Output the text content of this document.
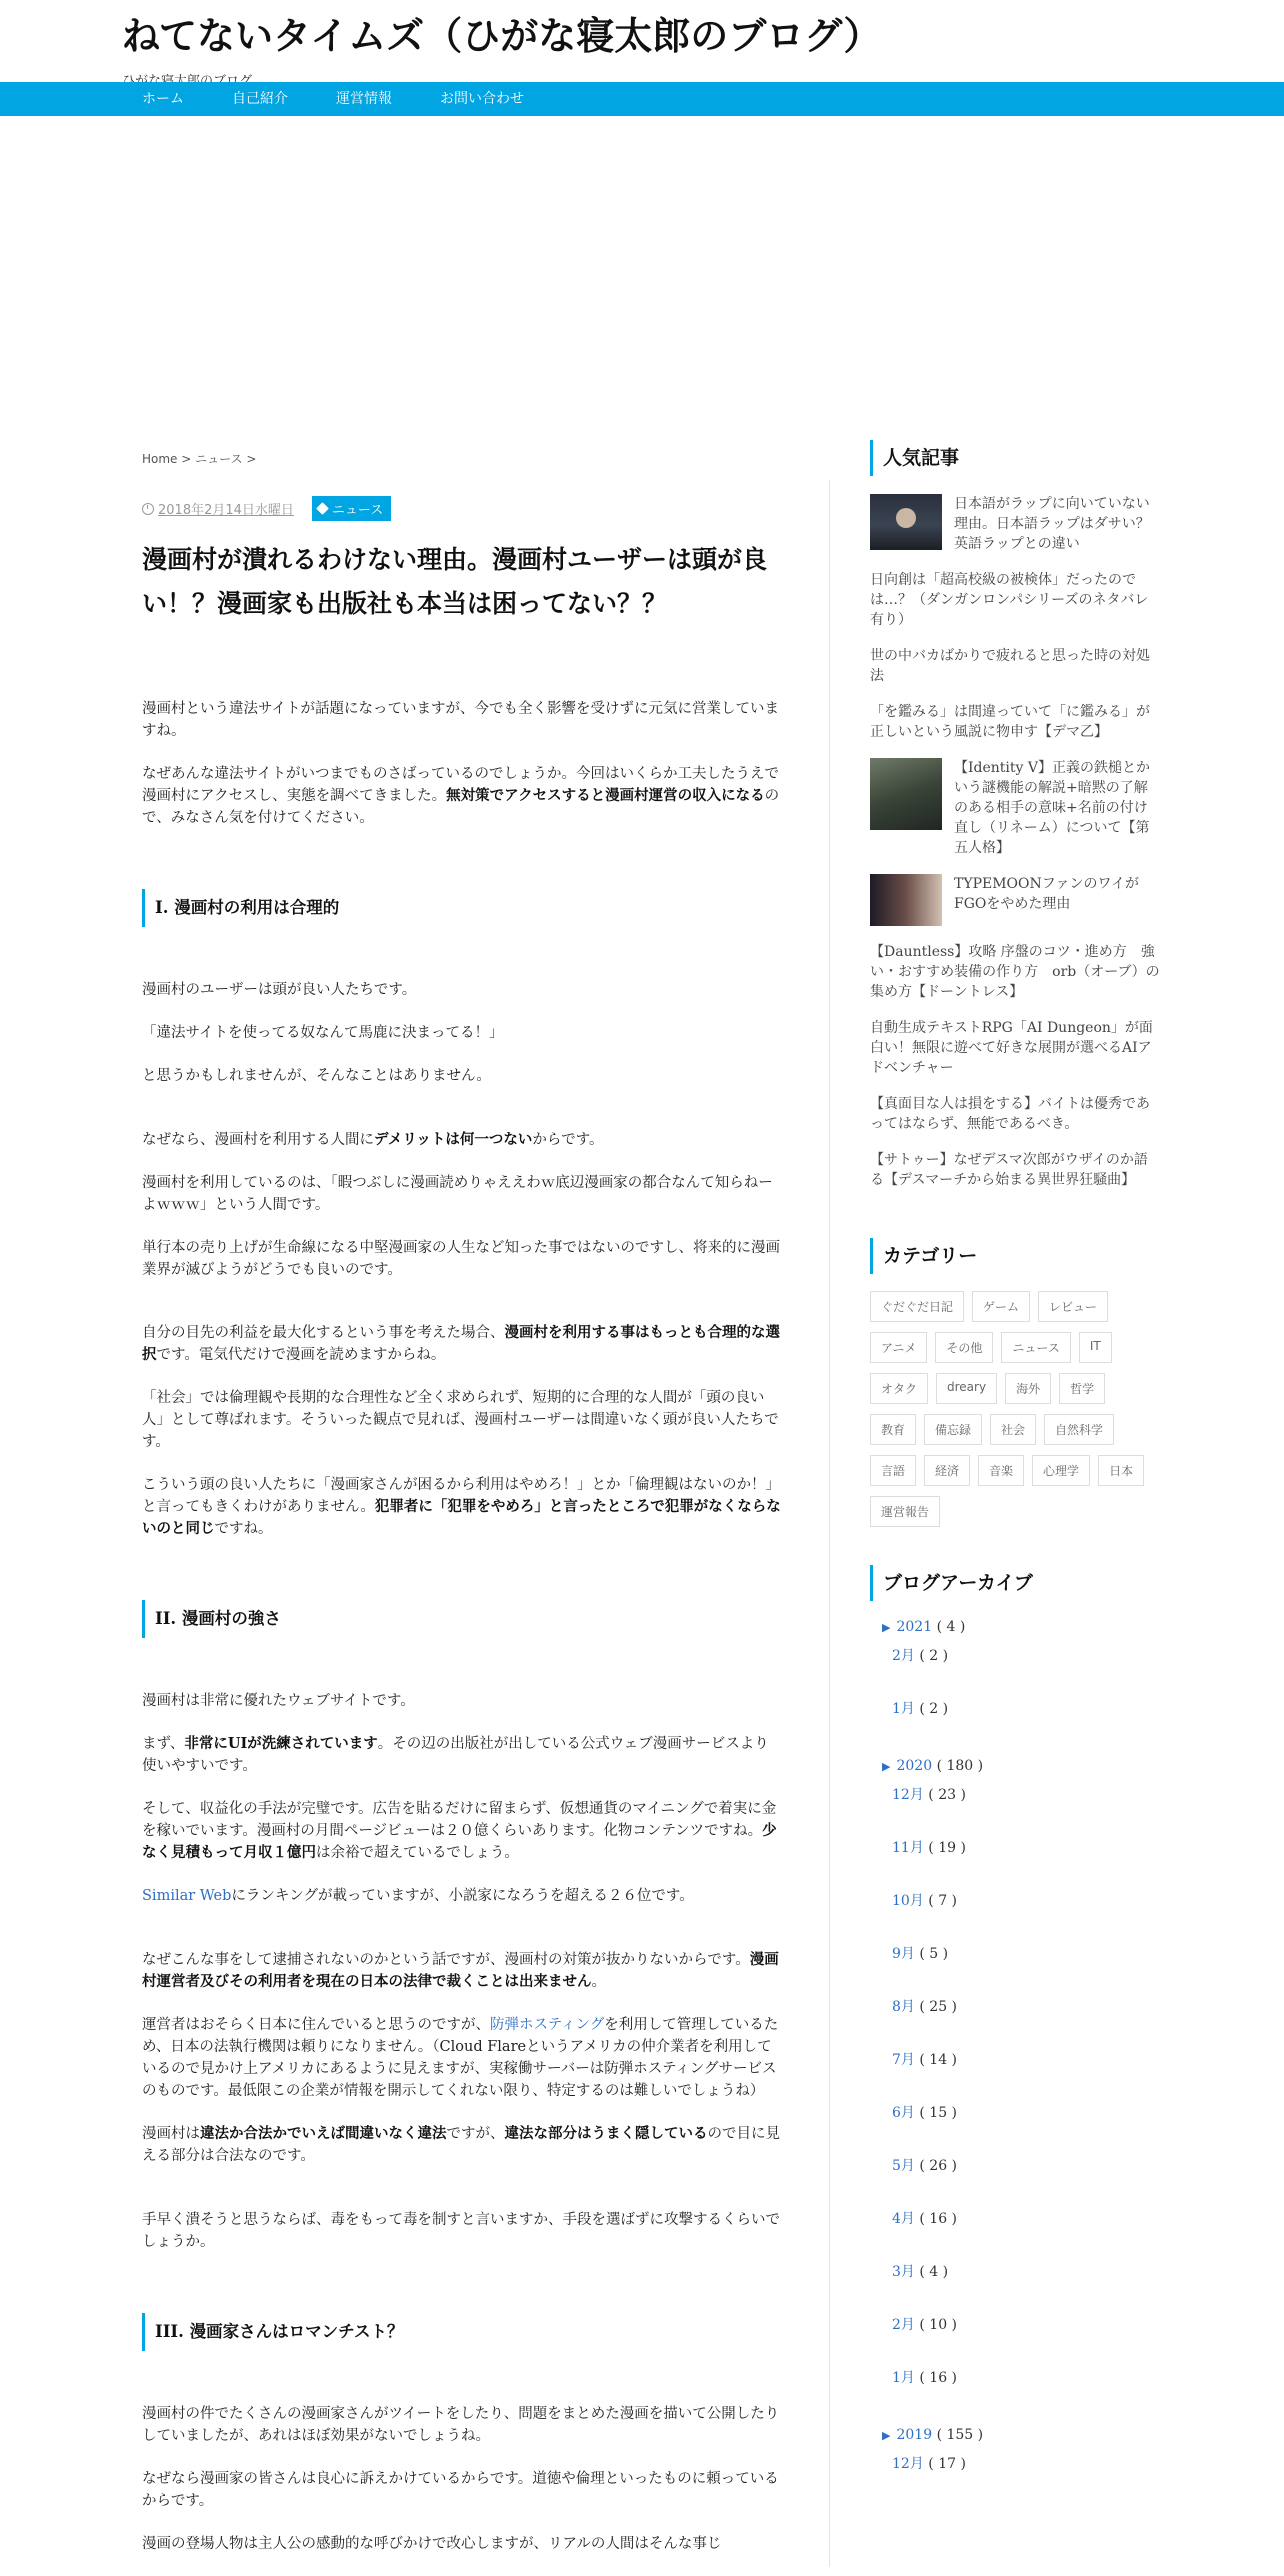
ねてないタイムズ（ひがな寝太郎のブログ）
ホーム	自己紹介	運営情報	お問い合わせ
Home > ニュース >
2018年2月14日水曜日	ニュース
漫画村が潰れるわけない理由。漫画村ユーザーは頭が良い！？漫画家も出版社も本当は困ってない？？

漫画村という違法サイトが話題になっていますが、今でも全く影響を受けずに元気に営業していますね。

なぜあんな違法サイトがいつまでものさばっているのでしょうか。今回はいくらか工夫したうえで漫画村にアクセスし、実態を調べてきました。無対策でアクセスすると漫画村運営の収入になるので、みなさん気を付けてください。

I. 漫画村の利用は合理的

漫画村のユーザーは頭が良い人たちです。

「違法サイトを使ってる奴なんて馬鹿に決まってる！」

と思うかもしれませんが、そんなことはありません。

なぜなら、漫画村を利用する人間にデメリットは何一つないからです。

漫画村を利用しているのは、「暇つぶしに漫画読めりゃええわｗ底辺漫画家の都合なんて知らねーよｗｗｗ」という人間です。

単行本の売り上げが生命線になる中堅漫画家の人生など知った事ではないのですし、将来的に漫画業界が滅びようがどうでも良いのです。

自分の目先の利益を最大化するという事を考えた場合、漫画村を利用する事はもっとも合理的な選択です。電気代だけで漫画を読めますからね。

「社会」では倫理観や長期的な合理性など全く求められず、短期的に合理的な人間が「頭の良い人」として尊ばれます。そういった観点で見れば、漫画村ユーザーは間違いなく頭が良い人たちです。

こういう頭の良い人たちに「漫画家さんが困るから利用はやめろ！」とか「倫理観はないのか！」と言ってもきくわけがありません。犯罪者に「犯罪をやめろ」と言ったところで犯罪がなくならないのと同じですね。

II. 漫画村の強さ

漫画村は非常に優れたウェブサイトです。

まず、非常にUIが洗練されています。その辺の出版社が出している公式ウェブ漫画サービスより使いやすいです。

そして、収益化の手法が完璧です。広告を貼るだけに留まらず、仮想通貨のマイニングで着実に金を稼いでいます。漫画村の月間ページビューは２０億くらいあります。化物コンテンツですね。少なく見積もって月収１億円は余裕で超えているでしょう。

Similar Webにランキングが載っていますが、小説家になろうを超える２６位です。

なぜこんな事をして逮捕されないのかという話ですが、漫画村の対策が抜かりないからです。漫画村運営者及びその利用者を現在の日本の法律で裁くことは出来ません。

運営者はおそらく日本に住んでいると思うのですが、防弾ホスティングを利用して管理しているため、日本の法執行機関は頼りになりません。（Cloud Flareというアメリカの仲介業者を利用しているので見かけ上アメリカにあるように見えますが、実稼働サーバーは防弾ホスティングサービスのものです。最低限この企業が情報を開示してくれない限り、特定するのは難しいでしょうね）

漫画村は違法か合法かでいえば間違いなく違法ですが、違法な部分はうまく隠しているので目に見える部分は合法なのです。

手早く潰そうと思うならば、毒をもって毒を制すと言いますか、手段を選ばずに攻撃するくらいでしょうか。

III. 漫画家さんはロマンチスト？

漫画村の件でたくさんの漫画家さんがツイートをしたり、問題をまとめた漫画を描いて公開したりしていましたが、あれはほぼ効果がないでしょうね。

なぜなら漫画家の皆さんは良心に訴えかけているからです。道徳や倫理といったものに頼っているからです。

漫画の登場人物は主人公の感動的な呼びかけで改心しますが、リアルの人間はそんな事じ

人気記事
日本語がラップに向いていない理由。日本語ラップはダサい？英語ラップとの違い
日向創は「超高校級の被検体」だったのでは…？（ダンガンロンパシリーズのネタバレ有り）
世の中バカばかりで疲れると思った時の対処法
「を鑑みる」は間違っていて「に鑑みる」が正しいという風説に物申す【デマ乙】
【Identity V】正義の鉄槌とかいう謎機能の解説+暗黙の了解のある相手の意味+名前の付け直し（リネーム）について【第五人格】
TYPEMOONファンのワイがFGOをやめた理由
【Dauntless】攻略 序盤のコツ・進め方　強い・おすすめ装備の作り方　orb（オーブ）の集め方【ドーントレス】
自動生成テキストRPG「AI Dungeon」が面白い！無限に遊べて好きな展開が選べるAIアドベンチャー
【真面目な人は損をする】バイトは優秀であってはならず、無能であるべき。
【サトゥー】なぜデスマ次郎がウザイのか語る【デスマーチから始まる異世界狂騒曲】
カテゴリー
ぐだぐだ日記	ゲーム	レビュー
アニメ	その他	ニュース	IT
オタク	dreary	海外	哲学
教育	備忘録	社会	自然科学
言語	経済	音楽	心理学	日本
運営報告
ブログアーカイブ
▶ 2021 ( 4 )
2月 ( 2 )
1月 ( 2 )
▶ 2020 ( 180 )
12月 ( 23 )
11月 ( 19 )
10月 ( 7 )
9月 ( 5 )
8月 ( 25 )
7月 ( 14 )
6月 ( 15 )
5月 ( 26 )
4月 ( 16 )
3月 ( 4 )
2月 ( 10 )
1月 ( 16 )
▶ 2019 ( 155 )
12月 ( 17 )
